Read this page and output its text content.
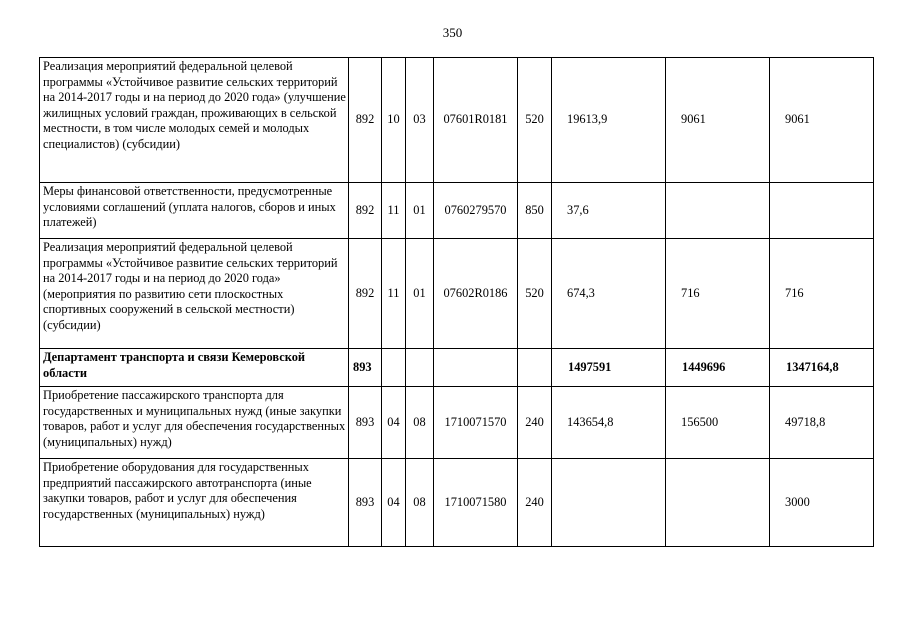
350
Реализация мероприятий федеральной целевой программы «Устойчивое развитие сельских территорий на 2014-2017 годы и на период до 2020 года» (улучшение жилищных условий граждан, проживающих в сельской местности, в том числе молодых семей и молодых специалистов) (субсидии)	892	10	03	07601R0181	520	19613,9	9061	9061
Меры финансовой ответственности, предусмотренные условиями соглашений (уплата налогов, сборов и иных платежей)	892	11	01	0760279570	850	37,6		
Реализация мероприятий федеральной целевой программы «Устойчивое развитие сельских территорий на 2014-2017 годы и на период до 2020 года» (мероприятия по развитию сети плоскостных спортивных сооружений в сельской местности) (субсидии)	892	11	01	07602R0186	520	674,3	716	716
Департамент транспорта и связи Кемеровской области	893					1497591	1449696	1347164,8
Приобретение пассажирского транспорта для государственных и муниципальных нужд (иные закупки товаров, работ и услуг для обеспечения государственных (муниципальных) нужд)	893	04	08	1710071570	240	143654,8	156500	49718,8
Приобретение оборудования для государственных предприятий пассажирского автотранспорта (иные закупки товаров, работ и услуг для обеспечения государственных (муниципальных) нужд)	893	04	08	1710071580	240			3000
